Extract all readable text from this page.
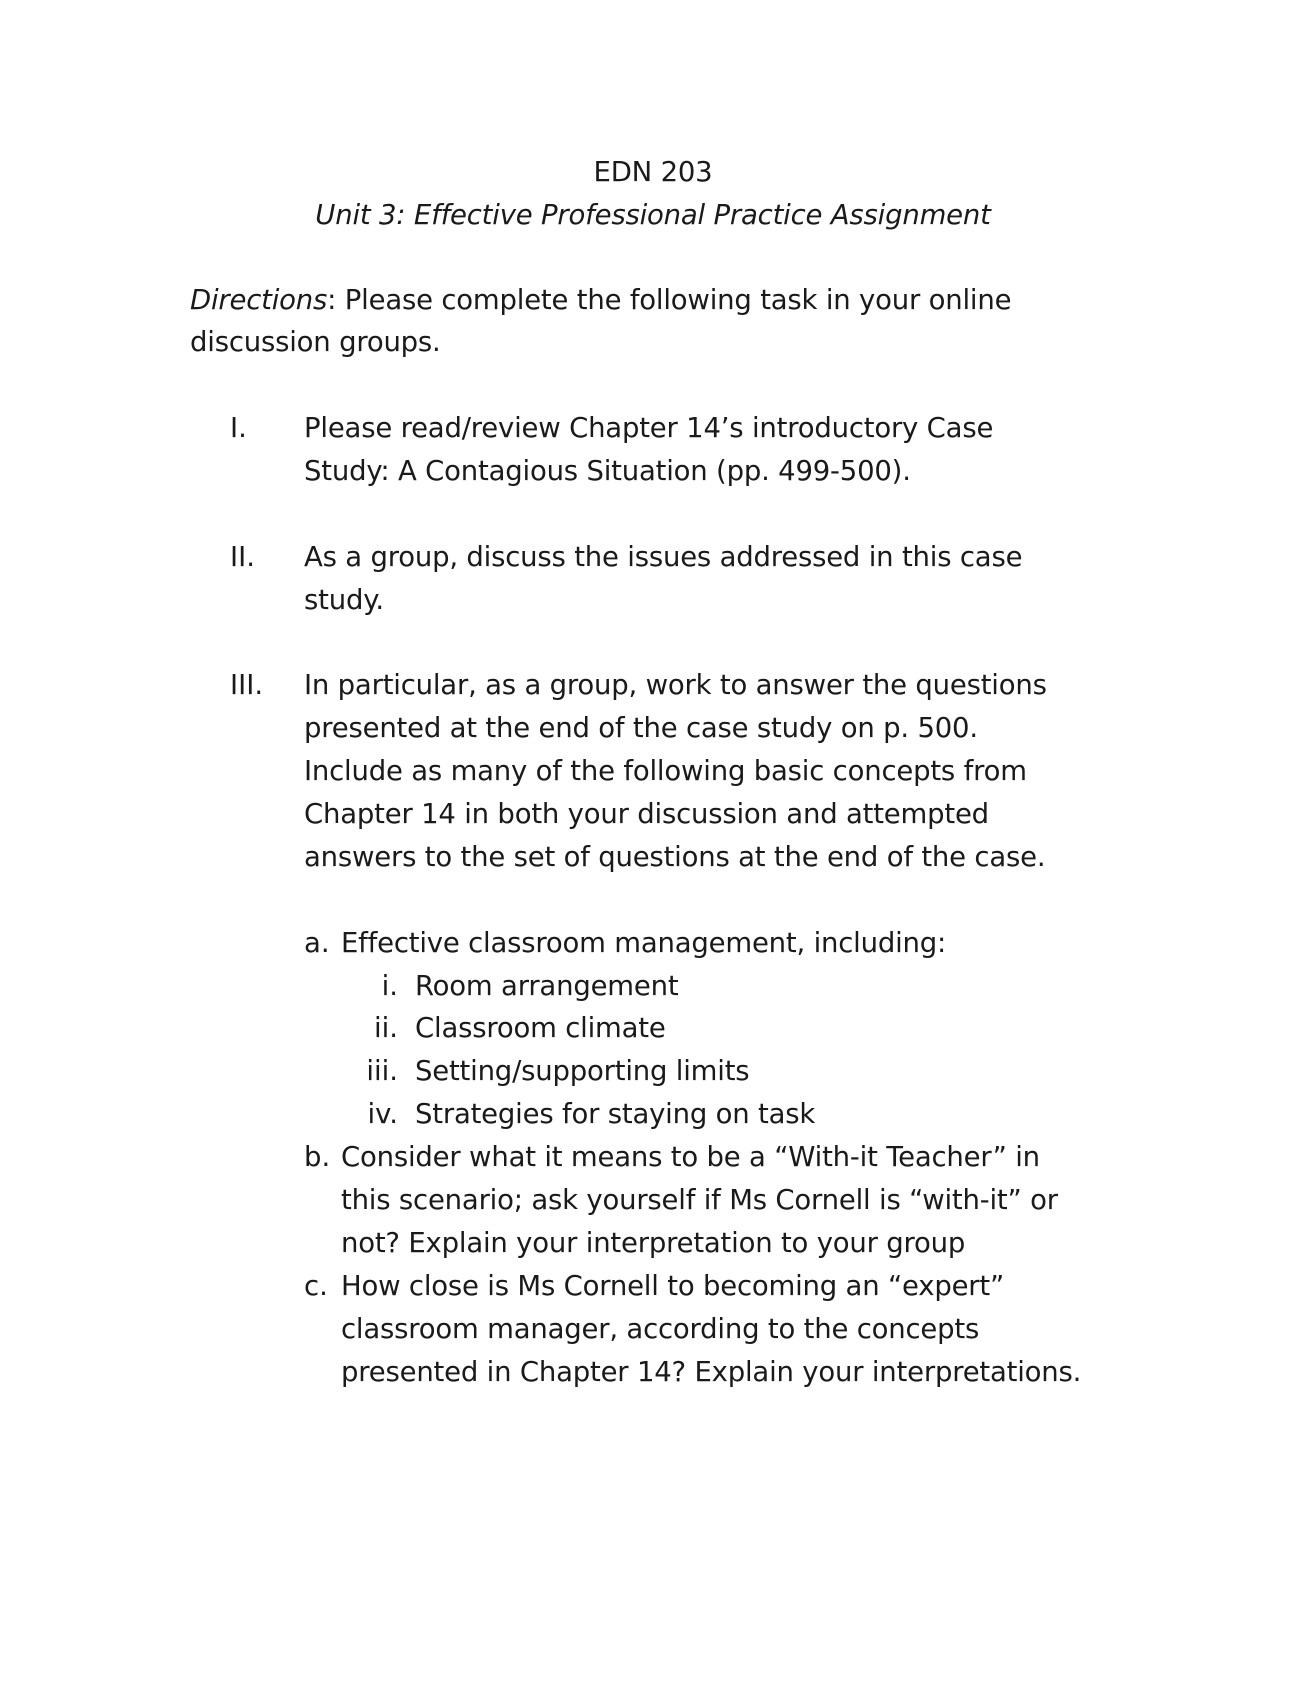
EDN 203
Unit 3: Effective Professional Practice Assignment
Directions: Please complete the following task in your online
discussion groups.
I. Please read/review Chapter 14’s introductory Case
Study: A Contagious Situation (pp. 499-500).
II. As a group, discuss the issues addressed in this case
study.
III. In particular, as a group, work to answer the questions
presented at the end of the case study on p. 500.
Include as many of the following basic concepts from
Chapter 14 in both your discussion and attempted
answers to the set of questions at the end of the case.
a. Effective classroom management, including:
i. Room arrangement
ii. Classroom climate
iii. Setting/supporting limits
iv. Strategies for staying on task
b. Consider what it means to be a “With-it Teacher” in
this scenario; ask yourself if Ms Cornell is “with-it” or
not? Explain your interpretation to your group
c. How close is Ms Cornell to becoming an “expert”
classroom manager, according to the concepts
presented in Chapter 14? Explain your interpretations.
